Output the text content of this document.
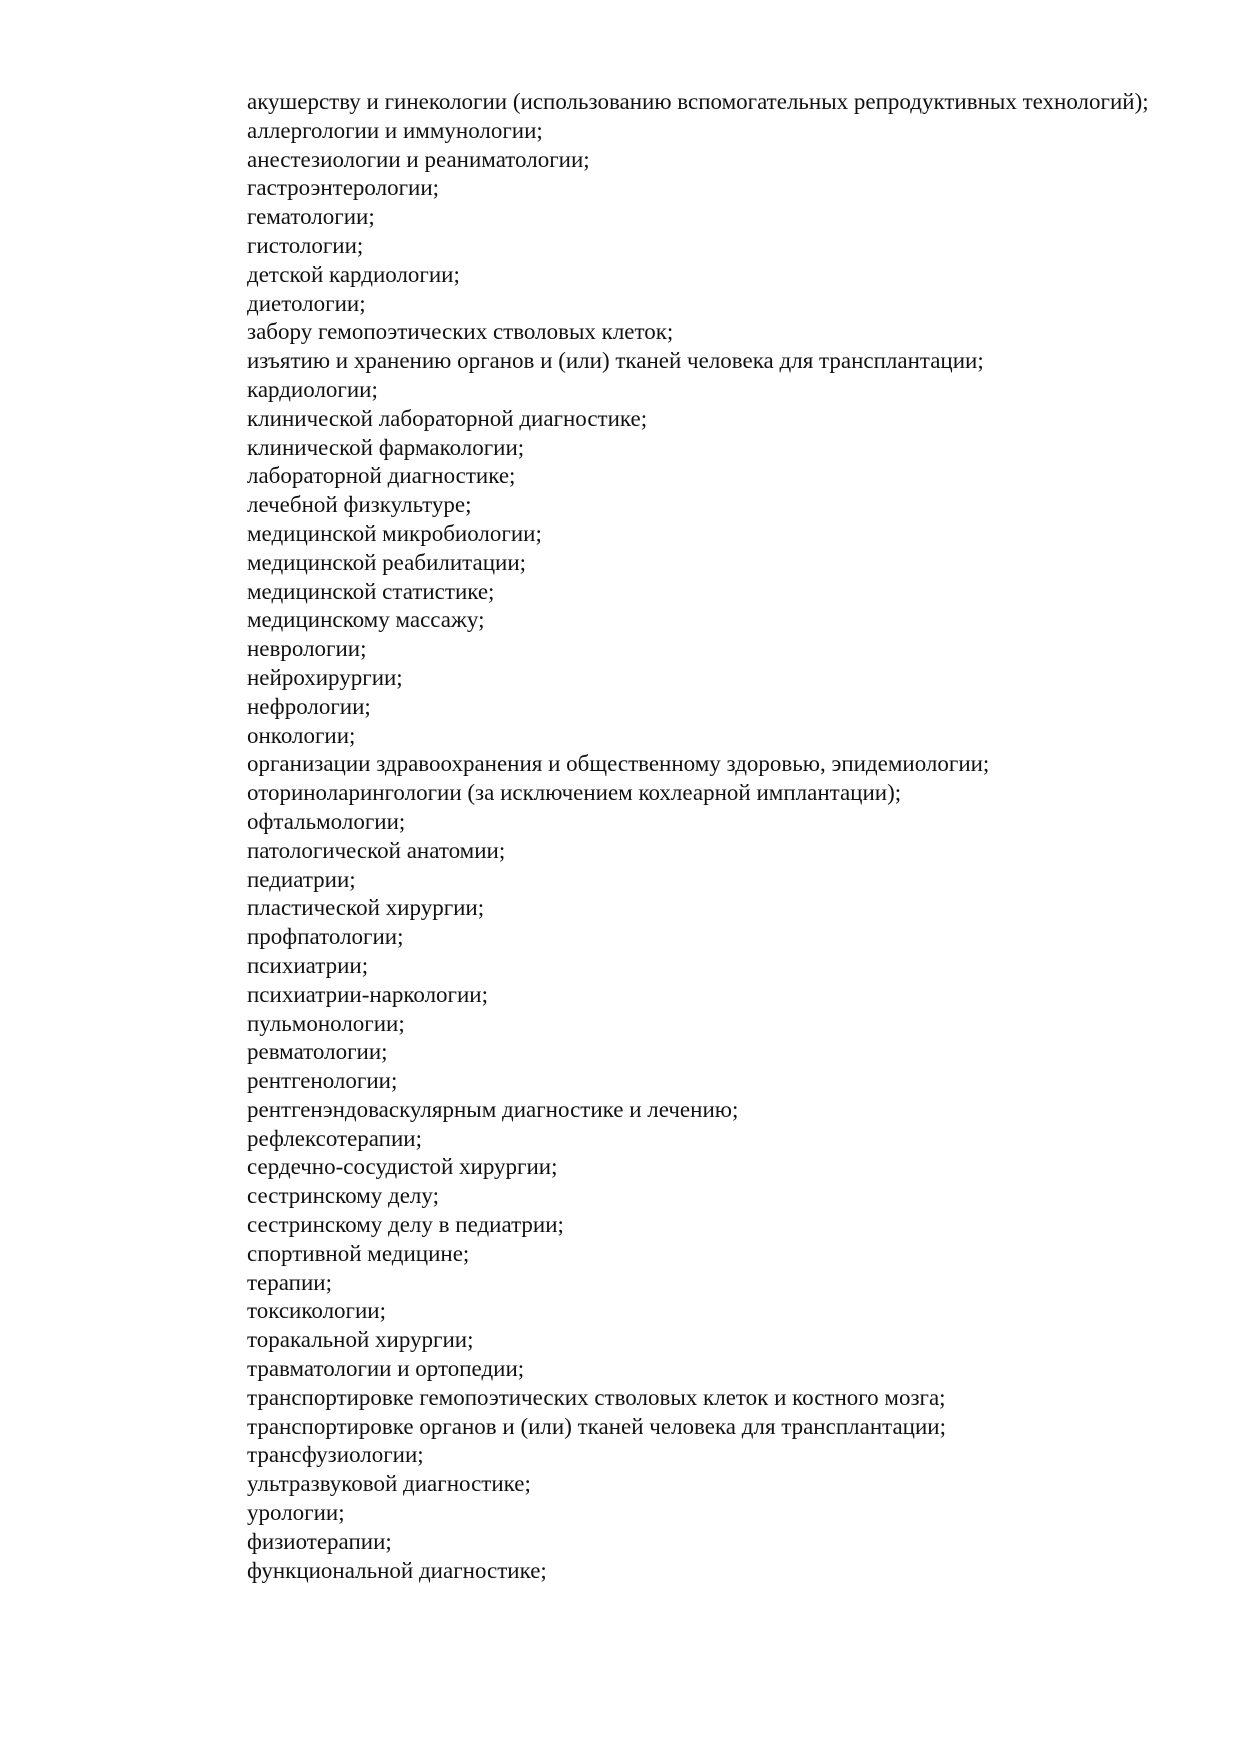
акушерству и гинекологии (использованию вспомогательных репродуктивных технологий);

аллергологии и иммунологии;
анестезиологии и реаниматологии;
гастроэнтерологии;
гематологии;
гистологии;
детской кардиологии;
диетологии;
забору гемопоэтических стволовых клеток;
изъятию и хранению органов и (или) тканей человека для трансплантации;
кардиологии;
клинической лабораторной диагностике;
клинической фармакологии;
лабораторной диагностике;
лечебной физкультуре;
медицинской микробиологии;
медицинской реабилитации;
медицинской статистике;
медицинскому массажу;
неврологии;
нейрохирургии;
нефрологии;
онкологии;
организации здравоохранения и общественному здоровью, эпидемиологии;
оториноларингологии (за исключением кохлеарной имплантации);
офтальмологии;
патологической анатомии;
педиатрии;
пластической хирургии;
профпатологии;
психиатрии;
психиатрии-наркологии;
пульмонологии;
ревматологии;
рентгенологии;
рентгенэндоваскулярным диагностике и лечению;
рефлексотерапии;
сердечно-сосудистой хирургии;
сестринскому делу;
сестринскому делу в педиатрии;
спортивной медицине;
терапии;
токсикологии;
торакальной хирургии;
травматологии и ортопедии;
транспортировке гемопоэтических стволовых клеток и костного мозга;
транспортировке органов и (или) тканей человека для трансплантации;
трансфузиологии;
ультразвуковой диагностике;
урологии;
физиотерапии;
функциональной диагностике;
